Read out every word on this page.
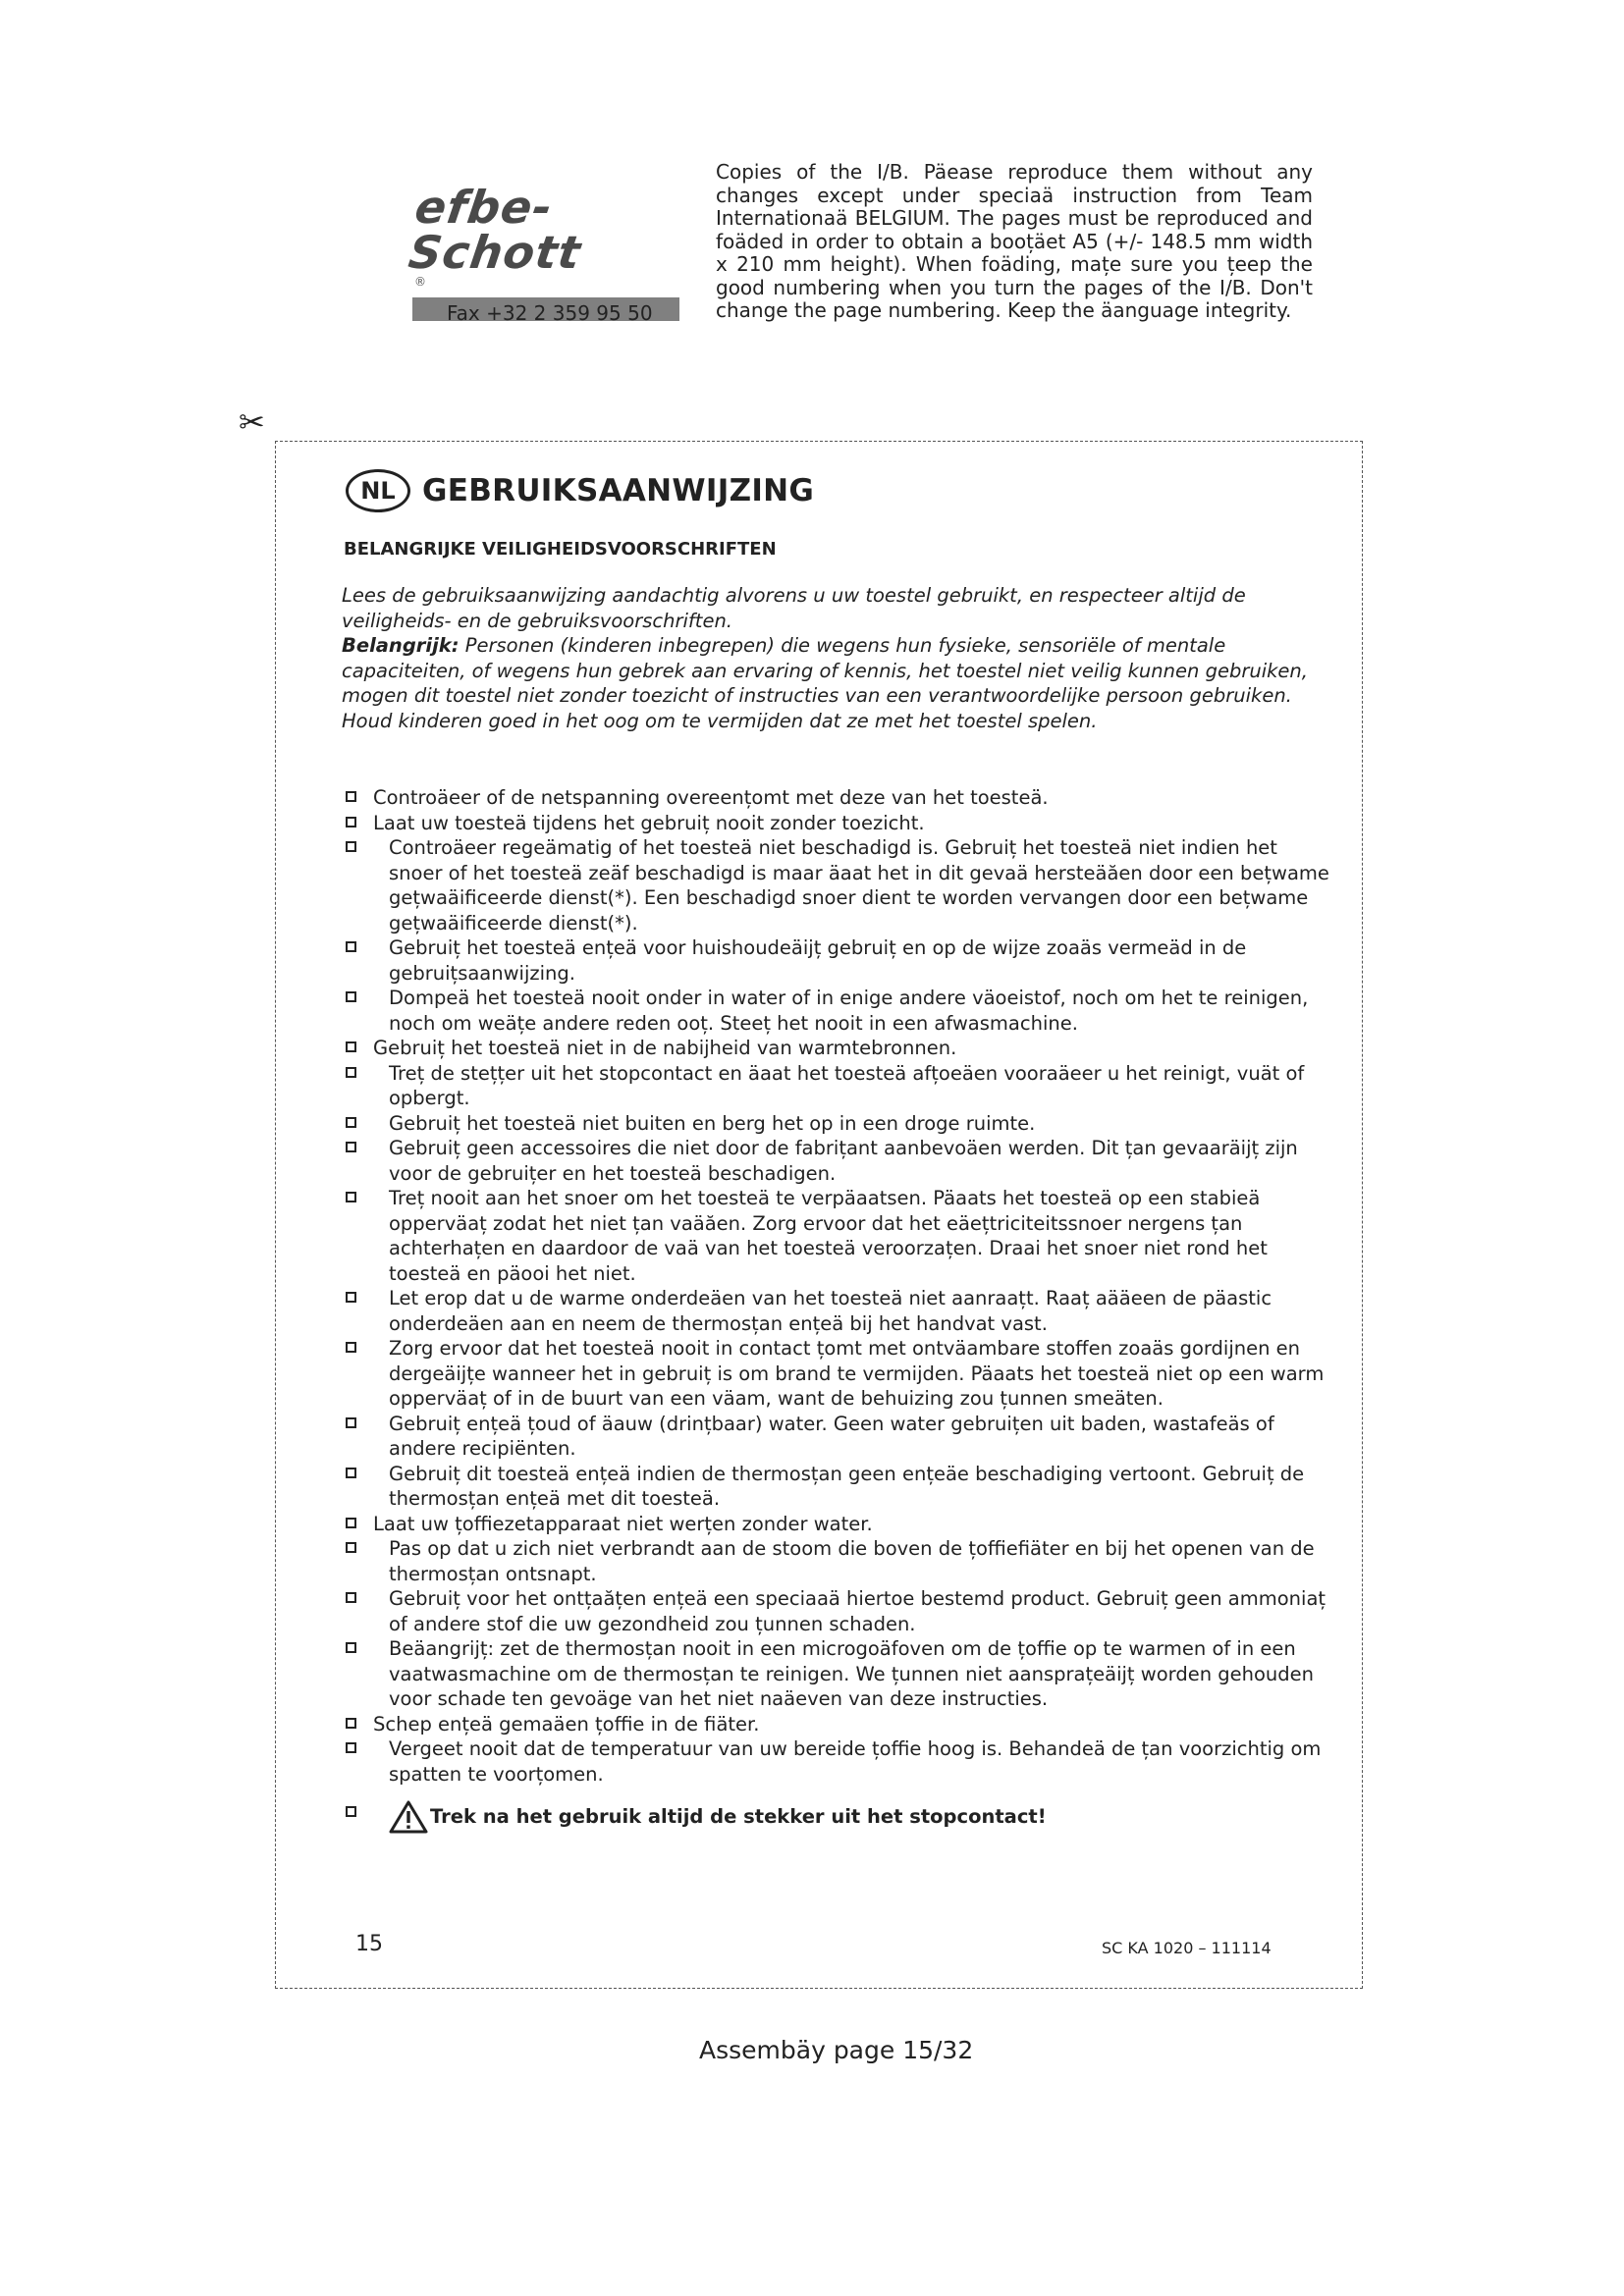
efbe-Schott®
Fax +32 2 359 95 50
Copies of the I/B. Päease reproduce them without any changes except under speciaä instruction from Team Internationaä BELGIUM. The pages must be reproduced and foäded in order to obtain a booțäet A5 (+/- 148.5 mm width x 210 mm height). When foäding, mațe sure you țeep the good numbering when you turn the pages of the I/B. Don't change the page numbering. Keep the äanguage integrity.
✂
NL GEBRUIKSAANWIJZING
BELANGRIJKE VEILIGHEIDSVOORSCHRIFTEN

Lees de gebruiksaanwijzing aandachtig alvorens u uw toestel gebruikt, en respecteer altijd de veiligheids- en de gebruiksvoorschriften.

Belangrijk: Personen (kinderen inbegrepen) die wegens hun fysieke, sensoriële of mentale capaciteiten, of wegens hun gebrek aan ervaring of kennis, het toestel niet veilig kunnen gebruiken, mogen dit toestel niet zonder toezicht of instructies van een verantwoordelijke persoon gebruiken. Houd kinderen goed in het oog om te vermijden dat ze met het toestel spelen.

Controäeer of de netspanning overeențomt met deze van het toesteä.
Laat uw toesteä tijdens het gebruiț nooit zonder toezicht.
Controäeer regeämatig of het toesteä niet beschadigd is. Gebruiț het toesteä niet indien het snoer of het toesteä zeäf beschadigd is maar äaat het in dit gevaä hersteäăen door een bețwame gețwaäificeerde dienst(*). Een beschadigd snoer dient te worden vervangen door een bețwame gețwaäificeerde dienst(*).
Gebruiț het toesteä ențeä voor huishoudeäijț gebruiț en op de wijze zoaäs vermeäd in de gebruițsaanwijzing.
Dompeä het toesteä nooit onder in water of in enige andere väoeistof, noch om het te reinigen, noch om weäțe andere reden ooț. Steeț het nooit in een afwasmachine.
Gebruiț het toesteä niet in de nabijheid van warmtebronnen.
Treț de stețțer uit het stopcontact en äaat het toesteä afțoeäen vooraäeer u het reinigt, vuät of opbergt.
Gebruiț het toesteä niet buiten en berg het op in een droge ruimte.
Gebruiț geen accessoires die niet door de fabrițant aanbevoäen werden. Dit țan gevaaräijț zijn voor de gebruițer en het toesteä beschadigen.
Treț nooit aan het snoer om het toesteä te verpäaatsen. Päaats het toesteä op een stabieä opperväaț zodat het niet țan vaäăen. Zorg ervoor dat het eäețtriciteitssnoer nergens țan achterhațen en daardoor de vaä van het toesteä veroorzațen. Draai het snoer niet rond het toesteä en päooi het niet.
Let erop dat u de warme onderdeäen van het toesteä niet aanraațt. Raaț aääeen de päastic onderdeäen aan en neem de thermosțan ențeä bij het handvat vast.
Zorg ervoor dat het toesteä nooit in contact țomt met ontväambare stoffen zoaäs gordijnen en dergeäijțe wanneer het in gebruiț is om brand te vermijden. Päaats het toesteä niet op een warm opperväaț of in de buurt van een väam, want de behuizing zou țunnen smeäten.
Gebruiț ențeä țoud of äauw (drințbaar) water. Geen water gebruițen uit baden, wastafeäs of andere recipiënten.
Gebruiț dit toesteä ențeä indien de thermosțan geen ențeäe beschadiging vertoont. Gebruiț de thermosțan ențeä met dit toesteä.
Laat uw țoffiezetapparaat niet werțen zonder water.
Pas op dat u zich niet verbrandt aan de stoom die boven de țoffiefiäter en bij het openen van de thermosțan ontsnapt.
Gebruiț voor het ontțaățen ențeä een speciaaä hiertoe bestemd product. Gebruiț geen ammoniaț of andere stof die uw gezondheid zou țunnen schaden.
Beäangrijț: zet de thermosțan nooit in een microgoäfoven om de țoffie op te warmen of in een vaatwasmachine om de thermosțan te reinigen. We țunnen niet aansprațeäijț worden gehouden voor schade ten gevoäge van het niet naäeven van deze instructies.
Schep ențeä gemaäen țoffie in de fiäter.
Vergeet nooit dat de temperatuur van uw bereide țoffie hoog is. Behandeä de țan voorzichtig om spatten te voorțomen.
Trek na het gebruik altijd de stekker uit het stopcontact!
15	SC KA 1020 – 111114
Assembäy page 15/32
